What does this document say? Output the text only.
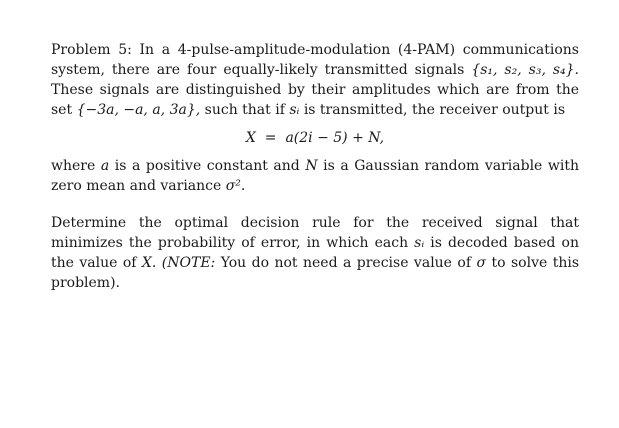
Problem 5: In a 4-pulse-amplitude-modulation (4-PAM) communications system, there are four equally-likely transmitted signals {s₁, s₂, s₃, s₄}. These signals are distinguished by their amplitudes which are from the set {−3a, −a, a, 3a}, such that if sᵢ is transmitted, the receiver output is

X = a(2i − 5) + N,

where a is a positive constant and N is a Gaussian random variable with zero mean and variance σ².

Determine the optimal decision rule for the received signal that minimizes the probability of error, in which each sᵢ is decoded based on the value of X. (NOTE: You do not need a precise value of σ to solve this problem).
